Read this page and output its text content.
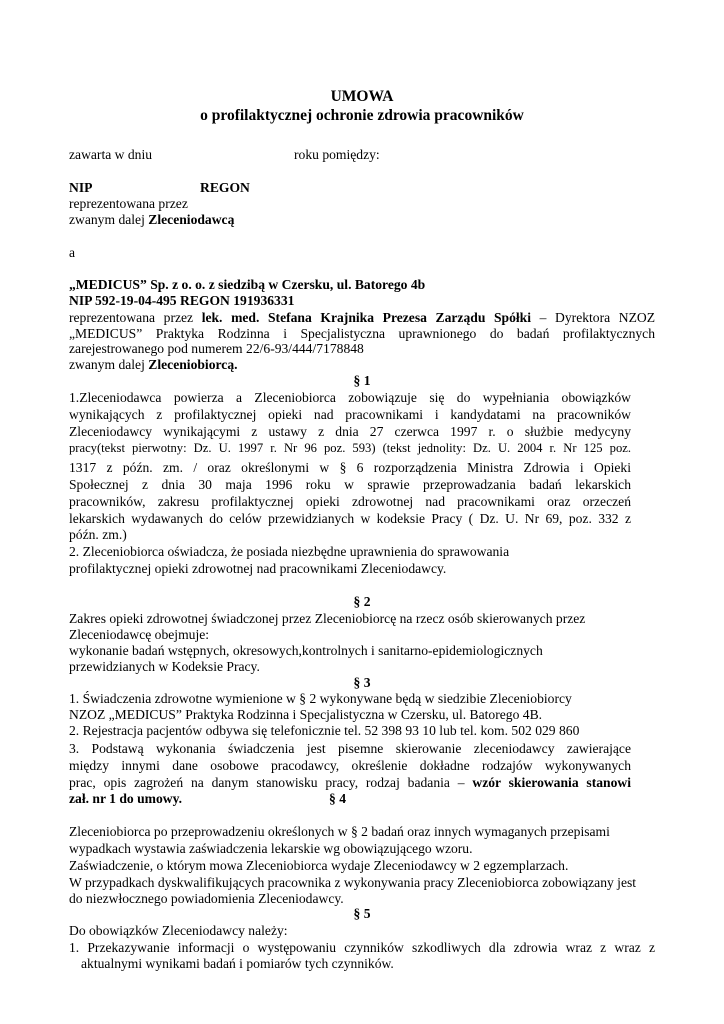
UMOWA
o profilaktycznej ochronie zdrowia pracowników
zawarta w dniu	roku pomiędzy:
NIP	REGON
reprezentowana przez
zwanym dalej Zleceniodawcą
a
„MEDICUS” Sp. z o. o. z siedzibą w Czersku, ul. Batorego 4b
NIP 592-19-04-495 REGON 191936331
reprezentowana przez lek. med. Stefana Krajnika Prezesa Zarządu Spółki – Dyrektora NZOZ
„MEDICUS” Praktyka Rodzinna i Specjalistyczna uprawnionego do badań profilaktycznych
zarejestrowanego pod numerem 22/6-93/444/7178848
zwanym dalej Zleceniobiorcą.
§ 1
1.Zleceniodawca powierza a Zleceniobiorca zobowiązuje się do wypełniania obowiązków
wynikających z profilaktycznej opieki nad pracownikami i kandydatami na pracowników
Zleceniodawcy wynikającymi z ustawy z dnia 27 czerwca 1997 r. o służbie medycyny
pracy(tekst pierwotny: Dz. U. 1997 r. Nr 96 poz. 593) (tekst jednolity: Dz. U. 2004 r. Nr 125 poz.
1317 z późn. zm. / oraz określonymi w § 6 rozporządzenia Ministra Zdrowia i Opieki
Społecznej z dnia 30 maja 1996 roku w sprawie przeprowadzania badań lekarskich
pracowników, zakresu profilaktycznej opieki zdrowotnej nad pracownikami oraz orzeczeń
lekarskich wydawanych do celów przewidzianych w kodeksie Pracy ( Dz. U. Nr 69, poz. 332 z
późn. zm.)
2. Zleceniobiorca oświadcza, że posiada niezbędne uprawnienia do sprawowania
profilaktycznej opieki zdrowotnej nad pracownikami Zleceniodawcy.
§ 2
Zakres opieki zdrowotnej świadczonej przez Zleceniobiorcę na rzecz osób skierowanych przez
Zleceniodawcę obejmuje:
wykonanie badań wstępnych, okresowych,kontrolnych i sanitarno-epidemiologicznych
przewidzianych w Kodeksie Pracy.
§ 3
1. Świadczenia zdrowotne wymienione w § 2 wykonywane będą w siedzibie Zleceniobiorcy
NZOZ „MEDICUS” Praktyka Rodzinna i Specjalistyczna w Czersku, ul. Batorego 4B.
2. Rejestracja pacjentów odbywa się telefonicznie tel. 52 398 93 10 lub tel. kom. 502 029 860
3. Podstawą wykonania świadczenia jest pisemne skierowanie zleceniodawcy zawierające
między innymi dane osobowe pracodawcy, określenie dokładne rodzajów wykonywanych
prac, opis zagrożeń na danym stanowisku pracy, rodzaj badania – wzór skierowania stanowi
zał. nr 1 do umowy.	§ 4
Zleceniobiorca po przeprowadzeniu określonych w § 2 badań oraz innych wymaganych przepisami
wypadkach wystawia zaświadczenia lekarskie wg obowiązującego wzoru.
Zaświadczenie, o którym mowa Zleceniobiorca wydaje Zleceniodawcy w 2 egzemplarzach.
W przypadkach dyskwalifikujących pracownika z wykonywania pracy Zleceniobiorca zobowiązany jest
do niezwłocznego powiadomienia Zleceniodawcy.
§ 5
Do obowiązków Zleceniodawcy należy:
1. Przekazywanie informacji o występowaniu czynników szkodliwych dla zdrowia wraz z wraz z
aktualnymi wynikami badań i pomiarów tych czynników.
